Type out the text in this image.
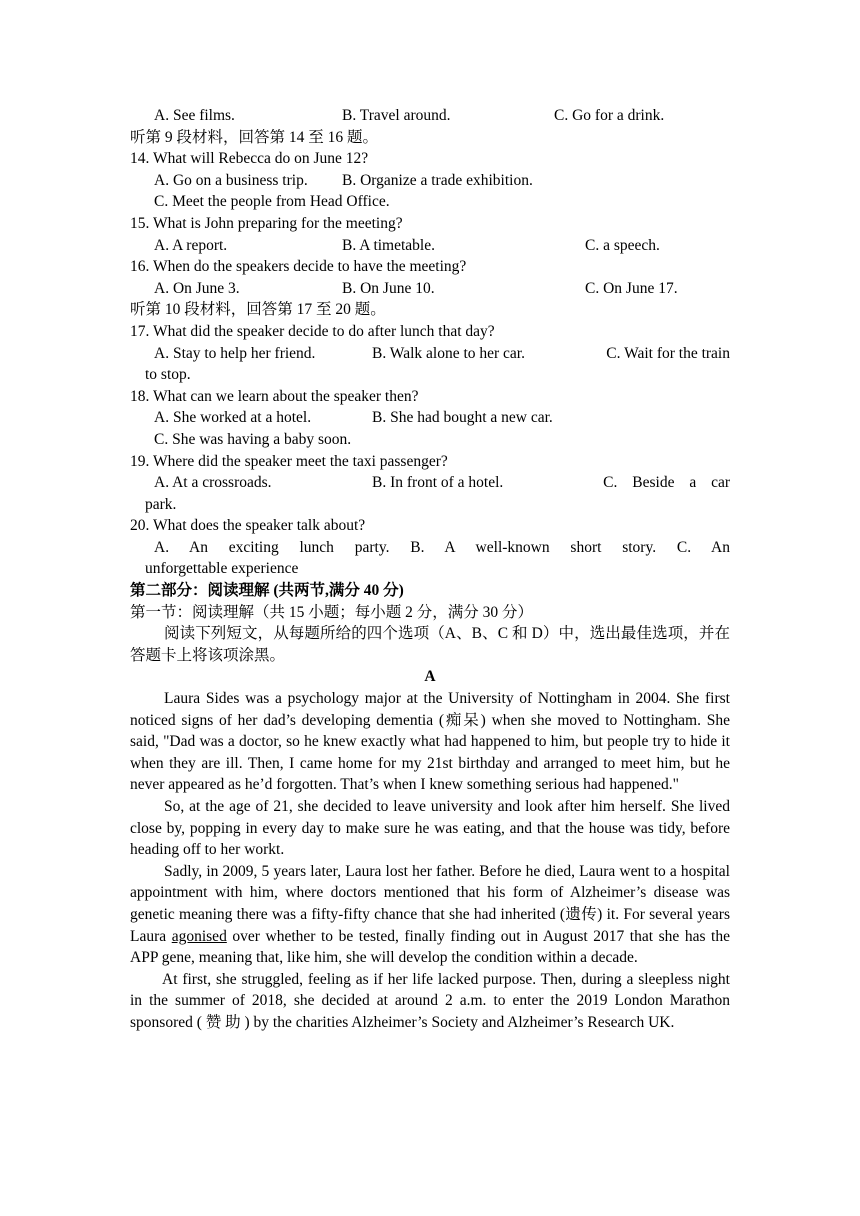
A. See films.	B. Travel around.	C. Go for a drink.
听第 9 段材料，回答第 14 至 16 题。
14. What will Rebecca do on June 12?
A. Go on a business trip. B. Organize a trade exhibition.
C. Meet the people from Head Office.
15. What is John preparing for the meeting?
A. A report.	B. A timetable.	C. a speech.
16. When do the speakers decide to have the meeting?
A. On June 3.	B. On June 10.	C. On June 17.
听第 10 段材料，回答第 17 至 20 题。
17. What did the speaker decide to do after lunch that day?
A. Stay to help her friend.	B. Walk alone to her car.	C. Wait for the train
to stop.
18. What can we learn about the speaker then?
A. She worked at a hotel.	B. She had bought a new car.
C. She was having a baby soon.
19. Where did the speaker meet the taxi passenger?
A. At a crossroads.	B. In front of a hotel.	C. Beside a car
park.
20. What does the speaker talk about?
A. An exciting lunch party. B. A well-known short story. C. An
unforgettable experience
第二部分：阅读理解 (共两节,满分 40 分)
第一节：阅读理解（共 15 小题；每小题 2 分，满分 30 分）

阅读下列短文，从每题所给的四个选项（A、B、C 和 D）中，选出最佳选项，并在答题卡上将该项涂黑。

A

Laura Sides was a psychology major at the University of Nottingham in 2004. She first noticed signs of her dad’s developing dementia (痴呆) when she moved to Nottingham. She said, "Dad was a doctor, so he knew exactly what had happened to him, but people try to hide it when they are ill. Then, I came home for my 21st birthday and arranged to meet him, but he never appeared as he’d forgotten. That’s when I knew something serious had happened."

So, at the age of 21, she decided to leave university and look after him herself. She lived close by, popping in every day to make sure he was eating, and that the house was tidy, before heading off to her workt.

Sadly, in 2009, 5 years later, Laura lost her father. Before he died, Laura went to a hospital appointment with him, where doctors mentioned that his form of Alzheimer’s disease was genetic meaning there was a fifty-fifty chance that she had inherited (遗传) it. For several years Laura agonised over whether to be tested, finally finding out in August 2017 that she has the APP gene, meaning that, like him, she will develop the condition within a decade.

At first, she struggled, feeling as if her life lacked purpose. Then, during a sleepless night in the summer of 2018, she decided at around 2 a.m. to enter the 2019 London Marathon sponsored ( 赞 助 ) by the charities Alzheimer’s Society and Alzheimer’s Research UK.
